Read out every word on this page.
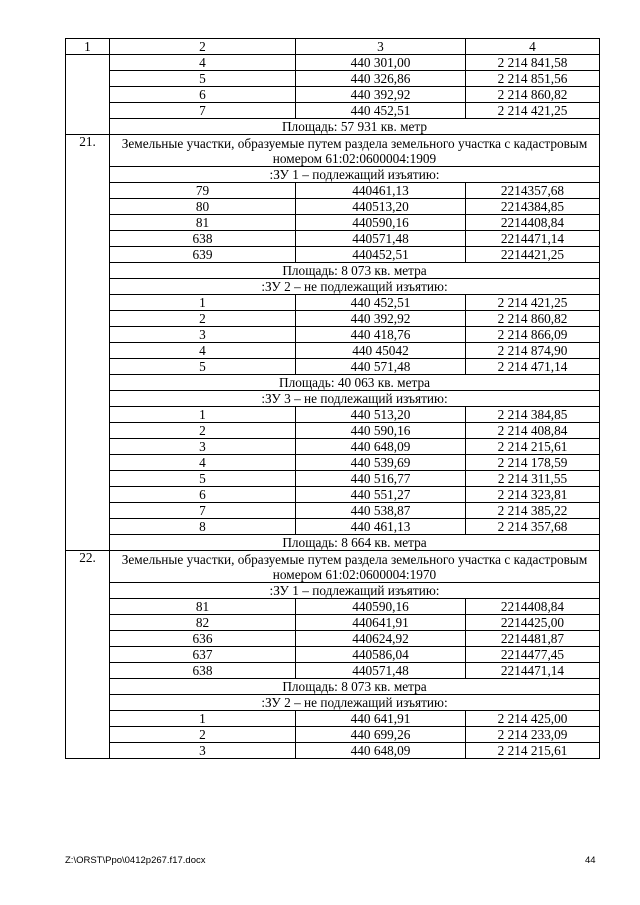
1	2	3	4
	4	440 301,00	2 214 841,58
	5	440 326,86	2 214 851,56
	6	440 392,92	2 214 860,82
	7	440 452,51	2 214 421,25
	Площадь: 57 931 кв. метр		
21.	Земельные участки, образуемые путем раздела земельного участка с кадастровым номером 61:02:0600004:1909		
	:ЗУ 1 – подлежащий изъятию:		
	79	440461,13	2214357,68
	80	440513,20	2214384,85
	81	440590,16	2214408,84
	638	440571,48	2214471,14
	639	440452,51	2214421,25
	Площадь: 8 073 кв. метра		
	:ЗУ 2 – не подлежащий изъятию:		
	1	440 452,51	2 214 421,25
	2	440 392,92	2 214 860,82
	3	440 418,76	2 214 866,09
	4	440 45042	2 214 874,90
	5	440 571,48	2 214 471,14
	Площадь: 40 063 кв. метра		
	:ЗУ 3 – не подлежащий изъятию:		
	1	440 513,20	2 214 384,85
	2	440 590,16	2 214 408,84
	3	440 648,09	2 214 215,61
	4	440 539,69	2 214 178,59
	5	440 516,77	2 214 311,55
	6	440 551,27	2 214 323,81
	7	440 538,87	2 214 385,22
	8	440 461,13	2 214 357,68
	Площадь: 8 664 кв. метра		
22.	Земельные участки, образуемые путем раздела земельного участка с кадастровым номером 61:02:0600004:1970		
	:ЗУ 1 – подлежащий изъятию:		
	81	440590,16	2214408,84
	82	440641,91	2214425,00
	636	440624,92	2214481,87
	637	440586,04	2214477,45
	638	440571,48	2214471,14
	Площадь: 8 073 кв. метра		
	:ЗУ 2 – не подлежащий изъятию:		
	1	440 641,91	2 214 425,00
	2	440 699,26	2 214 233,09
	3	440 648,09	2 214 215,61
Z:\ORST\Ppo\0412p267.f17.docx	44
